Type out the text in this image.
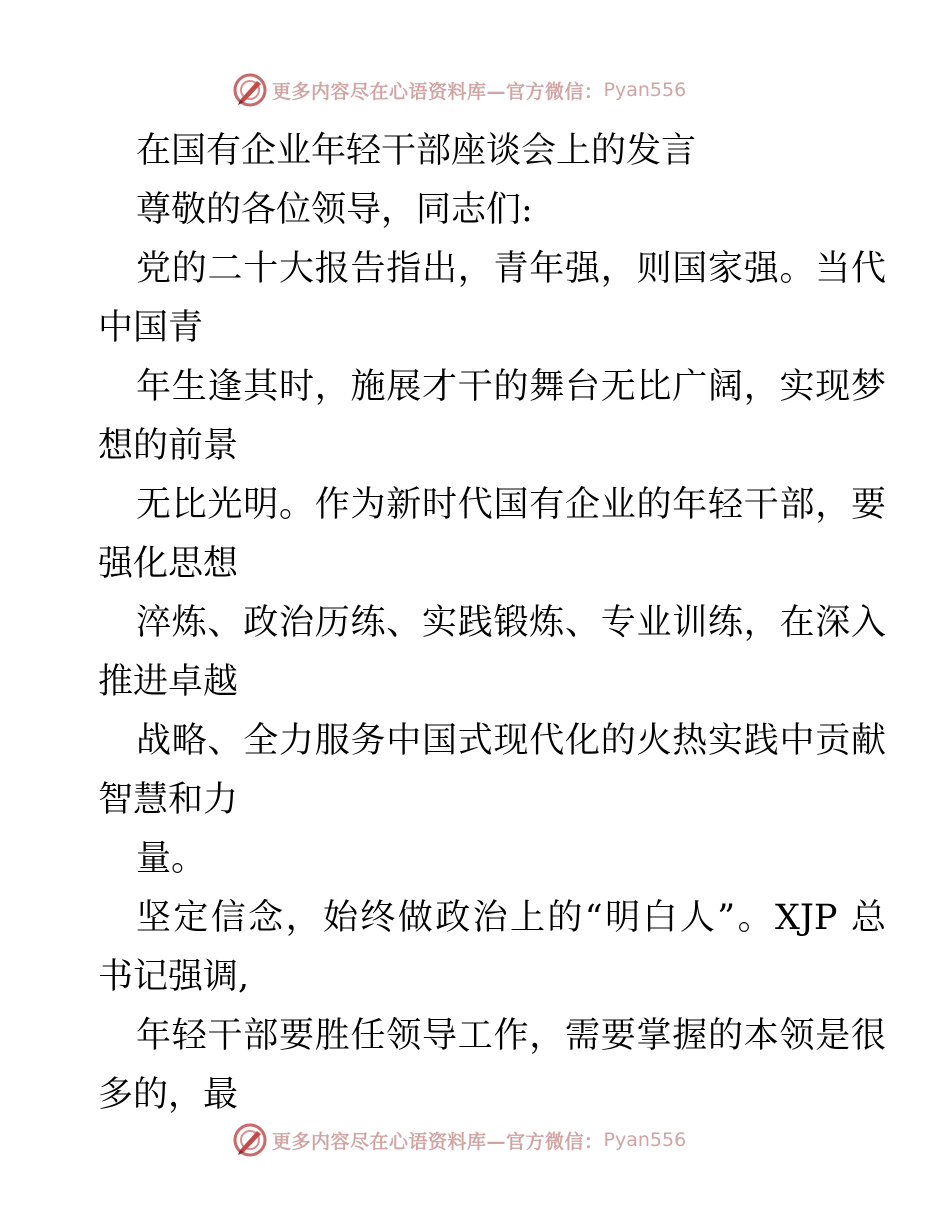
更多内容尽在心语资料库—官方微信： Pyan556
在国有企业年轻干部座谈会上的发言
尊敬的各位领导，同志们:
党的二十大报告指出，青年强，则国家强。当代
中国青
年生逢其时，施展才干的舞台无比广阔，实现梦
想的前景
无比光明。作为新时代国有企业的年轻干部，要
强化思想
淬炼、政治历练、实践锻炼、专业训练，在深入
推进卓越
战略、全力服务中国式现代化的火热实践中贡献
智慧和力
量。
坚定信念，始终做政治上的“明白人”。XJP 总
书记强调,
年轻干部要胜任领导工作，需要掌握的本领是很
多的，最
更多内容尽在心语资料库—官方微信： Pyan556
